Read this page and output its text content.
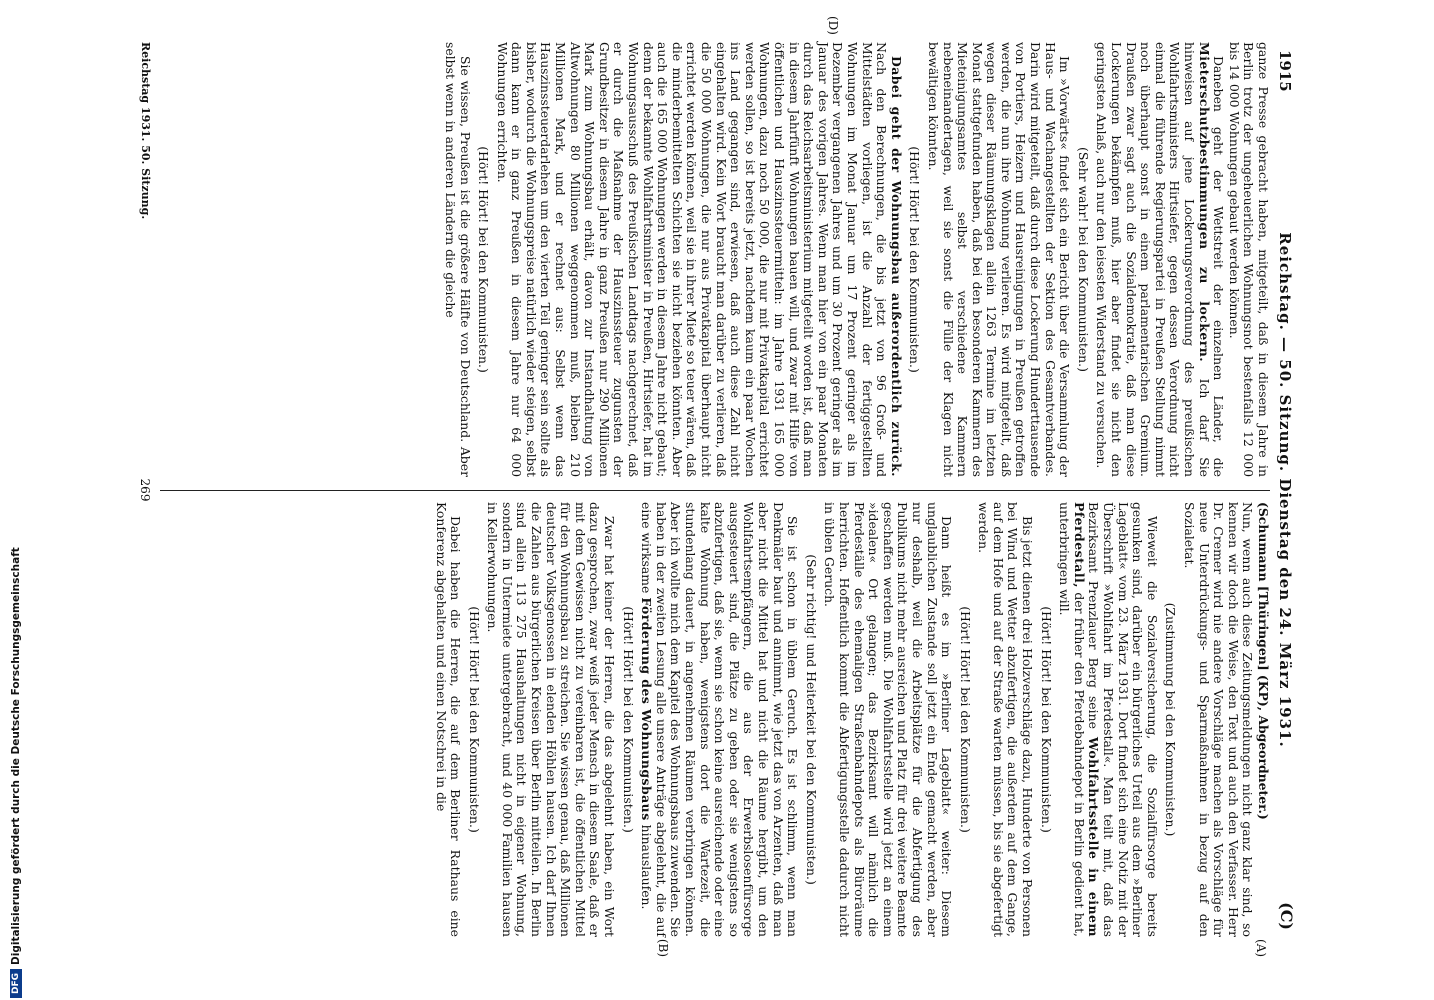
1915
Reichstag. — 50. Sitzung. Dienstag den 24. März 1931.
(C)

ganze Presse gebracht haben, mitgeteilt, daß in diesem Jahre in Berlin trotz der ungeheuerlichen Wohnungsnot bestenfalls 12 000 bis 14 000 Wohnungen gebaut werden können.

Daneben geht der Wettstreit der einzelnen Länder, die Mieterschutzbestimmungen zu lockern. Ich darf Sie hinweisen auf jene Lockerungsverordnung des preußischen Wohlfahrtsministers Hirtsiefer, gegen dessen Verordnung nicht einmal die führende Regierungspartei in Preußen Stellung nimmt noch überhaupt sonst in einem parlamentarischen Gremium. Draußen zwar sagt auch die Sozialdemokratie, daß man diese Lockerungen bekämpfen muß, hier aber findet sie nicht den geringsten Anlaß, auch nur den leisesten Widerstand zu versuchen.

(Sehr wahr! bei den Kommunisten.)

Im »Vorwärts« findet sich ein Bericht über die Versammlung der Haus- und Wachangestellten der Sektion des Gesamtverbandes. Darin wird mitgeteilt, daß durch diese Lockerung Hunderttausende von Portiers, Heizern und Hausreinigungen in Preußen getroffen werden, die nun ihre Wohnung verlieren. Es wird mitgeteilt, daß wegen dieser Räumungsklagen allein 1263 Termine im letzten Monat stattgefunden haben, daß bei den besonderen Kammern des Mieteinigungsamtes selbst verschiedene Kammern nebeneinandertagen, weil sie sonst die Fülle der Klagen nicht bewältigen könnten.

(Hört! Hört! bei den Kommunisten.)

Dabei geht der Wohnungsbau außerordentlich zurück. Nach den Berechnungen, die bis jetzt von 96 Groß- und Mittelstädten vorliegen, ist die Anzahl der fertiggestellten Wohnungen im Monat Januar um 17 Prozent geringer als im Dezember vergangenen Jahres und um 30 Prozent geringer als im Januar des vorigen Jahres. Wenn man hier von ein paar Monaten durch das Reichsarbeitsministerium mitgeteilt worden ist, daß man in diesem Jahrfünft Wohnungen bauen will, und zwar mit Hilfe von öffentlichen und Hauszinssteuermitteln: im Jahre 1931 165 000 Wohnungen, dazu noch 50 000, die nur mit Privatkapital errichtet werden sollen, so ist bereits jetzt, nachdem kaum ein paar Wochen ins Land gegangen sind, erwiesen, daß auch diese Zahl nicht eingehalten wird. Kein Wort braucht man darüber zu verlieren, daß die 50 000 Wohnungen, die nur aus Privatkapital überhaupt nicht errichtet werden können, weil sie in ihrer Miete so teuer wären, daß die minderbemittelten Schichten sie nicht beziehen könnten. Aber auch die 165 000 Wohnungen werden in diesem Jahre nicht gebaut; denn der bekannte Wohlfahrtsminister in Preußen, Hirtsiefer, hat im Wohnungsausschuß des Preußischen Landtags nachgerechnet, daß er durch die Maßnahme der Hauszinssteuer zugunsten der Grundbesitzer in diesem Jahre in ganz Preußen nur 290 Millionen Mark zum Wohnungsbau erhält, davon zur Instandhaltung von Altwohnungen 80 Millionen weggenommen muß, bleiben 210 Millionen Mark, und er rechnet aus: Selbst wenn das Hauszinssteuerdarlehen um den vierten Teil geringer sein sollte als bisher, wodurch die Wohnungspreise natürlich wieder steigen, selbst dann kann er in ganz Preußen in diesem Jahre nur 64 000 Wohnungen errichten.

(Hört! Hört! bei den Kommunisten.)

Sie wissen, Preußen ist die größere Hälfte von Deutschland. Aber selbst wenn in anderen Ländern die gleiche

(D)

(Schumann [Thüringen] (KP), Abgeordneter.)

Nun, wenn auch diese Zeitungsmeldungen nicht ganz klar sind, so kennen wir doch die Weise, den Text und auch den Verfasser. Herr Dr. Cremer wird nie andere Vorschläge machen als Vorschläge für neue Unterdrückungs- und Sparmaßnahmen in bezug auf den Sozialetat.

(Zustimmung bei den Kommunisten.)

Wieweit die Sozialversicherung, die Sozialfürsorge bereits gesunken sind, darüber ein bürgerliches Urteil aus dem »Berliner Lageblatt« vom 23. März 1931. Dort findet sich eine Notiz mit der Überschrift »Wohlfahrt im Pferdestall«. Man teilt mit, daß das Bezirksamt Prenzlauer Berg seine Wohlfahrtsstelle in einem Pferdestall, der früher den Pferdebahndepot in Berlin gedient hat, unterbringen will.

(Hört! Hört! bei den Kommunisten.)

Bis jetzt dienen drei Holzverschläge dazu, Hunderte von Personen bei Wind und Wetter abzufertigen, die außerdem auf dem Gange, auf dem Hofe und auf der Straße warten müssen, bis sie abgefertigt werden.

(Hört! Hört! bei den Kommunisten.)

Dann heißt es im »Berliner Lageblatt« weiter: Diesem unglaublichen Zustande soll jetzt ein Ende gemacht werden, aber nur deshalb, weil die Arbeitsplätze für die Abfertigung des Publikums nicht mehr ausreichen und Platz für drei weitere Beamte geschaffen werden muß. Die Wohlfahrtsstelle wird jetzt an einem »idealen« Ort gelangen; das Bezirksamt will nämlich die Pferdeställe des ehemaligen Straßenbahndepots als Büroräume herrichten. Hoffentlich kommt die Abfertigungsstelle dadurch nicht in üblen Geruch.

(Sehr richtig! und Heiterkeit bei den Kommunisten.)

Sie ist schon in üblem Geruch. Es ist schlimm, wenn man Denkmäler baut und annimmt, wie jetzt das von Arzenten, daß man aber nicht die Mittel hat und nicht die Räume hergibt, um den Wohlfahrtsempfängern, die aus der Erwerbslosenfürsorge ausgesteuert sind, die Plätze zu geben oder sie wenigstens so abzufertigen, daß sie, wenn sie schon keine ausreichende oder eine kalte Wohnung haben, wenigstens dort die Wartezeit, die stundenlang dauert, in angenehmen Räumen verbringen können. Aber ich wollte mich dem Kapitel des Wohnungsbaus zuwenden. Sie haben in der zweiten Lesung alle unsere Anträge abgelehnt, die auf eine wirksame Förderung des Wohnungsbaus hinauslaufen.

(Hört! Hört! bei den Kommunisten.)

Zwar hat keiner der Herren, die das abgelehnt haben, ein Wort dazu gesprochen, zwar weiß jeder Mensch in diesem Saale, daß er mit dem Gewissen nicht zu vereinbaren ist, die öffentlichen Mittel für den Wohnungsbau zu streichen. Sie wissen genau, daß Millionen deutscher Volksgenossen in elenden Höhlen hausen. Ich darf Ihnen die Zahlen aus bürgerlichen Kreisen über Berlin mitteilen. In Berlin sind allein 113 275 Haushaltungen nicht in eigener Wohnung, sondern in Untermiete untergebracht, und 40 000 Familien hausen in Kellerwohnungen.

(Hört! Hört! bei den Kommunisten.)

Dabei haben die Herren, die auf dem Berliner Rathaus eine Konferenz abgehalten und einen Notschrei in die

(A)
(B)
Reichstag 1931. 50. Sitzung.
269
DFGDigitalisierung gefördert durch die Deutsche Forschungsgemeinschaft
